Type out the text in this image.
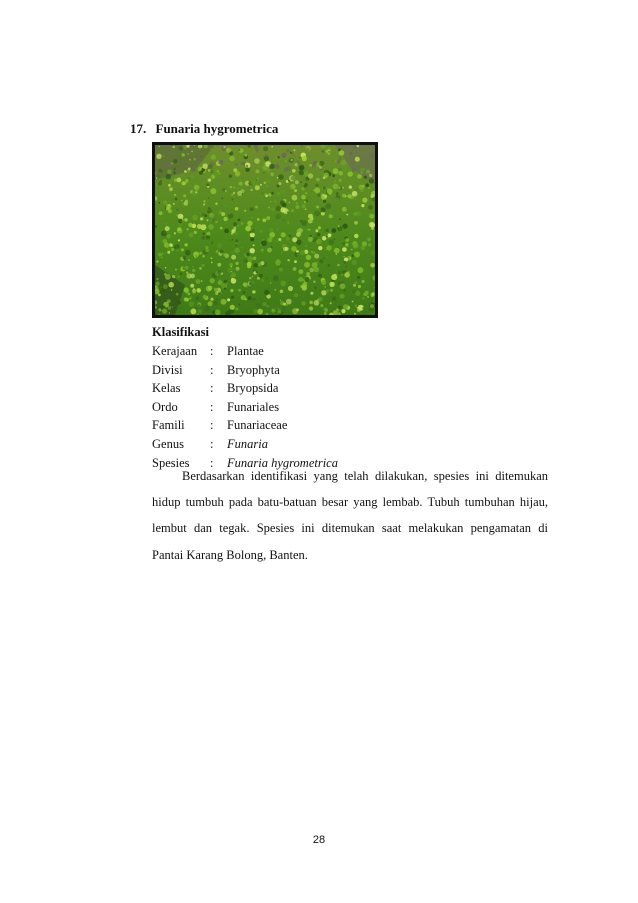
17. Funaria hygrometrica
Klasifikasi
Kerajaan : Plantae
Divisi : Bryophyta
Kelas : Bryopsida
Ordo	: Funariales
Famili : Funariaceae
Genus : Funaria
Spesies : Funaria hygrometrica
Berdasarkan identifikasi yang telah dilakukan, spesies ini ditemukan
hidup tumbuh pada batu-batuan besar yang lembab. Tubuh tumbuhan hijau,
lembut dan tegak. Spesies ini ditemukan saat melakukan pengamatan di
Pantai Karang Bolong, Banten.
28
